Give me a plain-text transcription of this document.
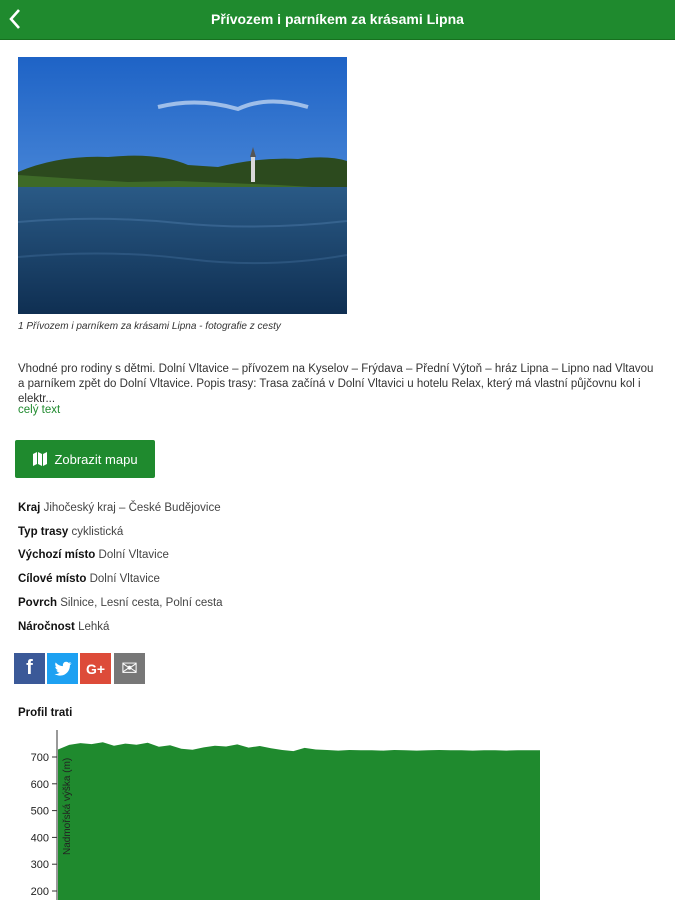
Přívozem i parníkem za krásami Lipna
1 Přívozem i parníkem za krásami Lipna - fotografie z cesty
Vhodné pro rodiny s dětmi. Dolní Vltavice – přívozem na Kyselov – Frýdava – Přední Výtoň – hráz Lipna – Lipno nad Vltavou a parníkem zpět do Dolní Vltavice. Popis trasy: Trasa začíná v Dolní Vltavici u hotelu Relax, který má vlastní půjčovnu kol i elektr...
celý text
Zobrazit mapu
Kraj Jihočeský kraj – České Budějovice
Typ trasy cyklistická
Výchozí místo Dolní Vltavice
Cílové místo Dolní Vltavice
Povrch Silnice, Lesní cesta, Polní cesta
Náročnost Lehká
f	G+ ✉
Profil trati
200
300
400
500
600
700 Nadmořská výška (m)
